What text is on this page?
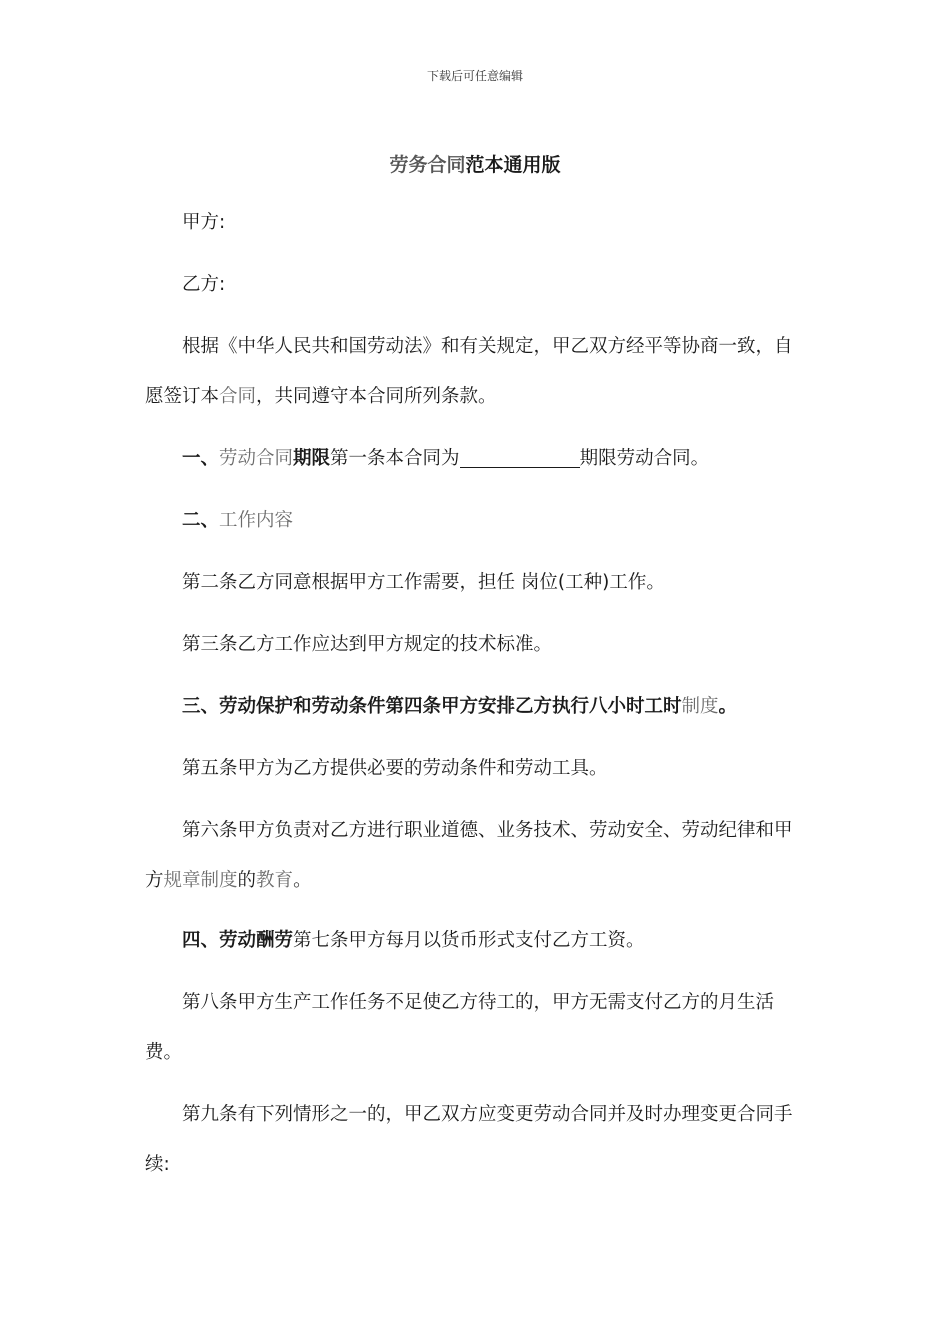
下载后可任意编辑
劳务合同范本通用版
甲方:
乙方:
根据《中华人民共和国劳动法》和有关规定，甲乙双方经平等协商一致，自愿签订本合同，共同遵守本合同所列条款。
一、劳动合同期限第一条本合同为	期限劳动合同。
二、工作内容
第二条乙方同意根据甲方工作需要，担任 岗位(工种)工作。
第三条乙方工作应达到甲方规定的技术标准。
三、劳动保护和劳动条件第四条甲方安排乙方执行八小时工时制度。
第五条甲方为乙方提供必要的劳动条件和劳动工具。
第六条甲方负责对乙方进行职业道德、业务技术、劳动安全、劳动纪律和甲方规章制度的教育。
四、劳动酬劳第七条甲方每月以货币形式支付乙方工资。
第八条甲方生产工作任务不足使乙方待工的，甲方无需支付乙方的月生活费。
第九条有下列情形之一的，甲乙双方应变更劳动合同并及时办理变更合同手续:
